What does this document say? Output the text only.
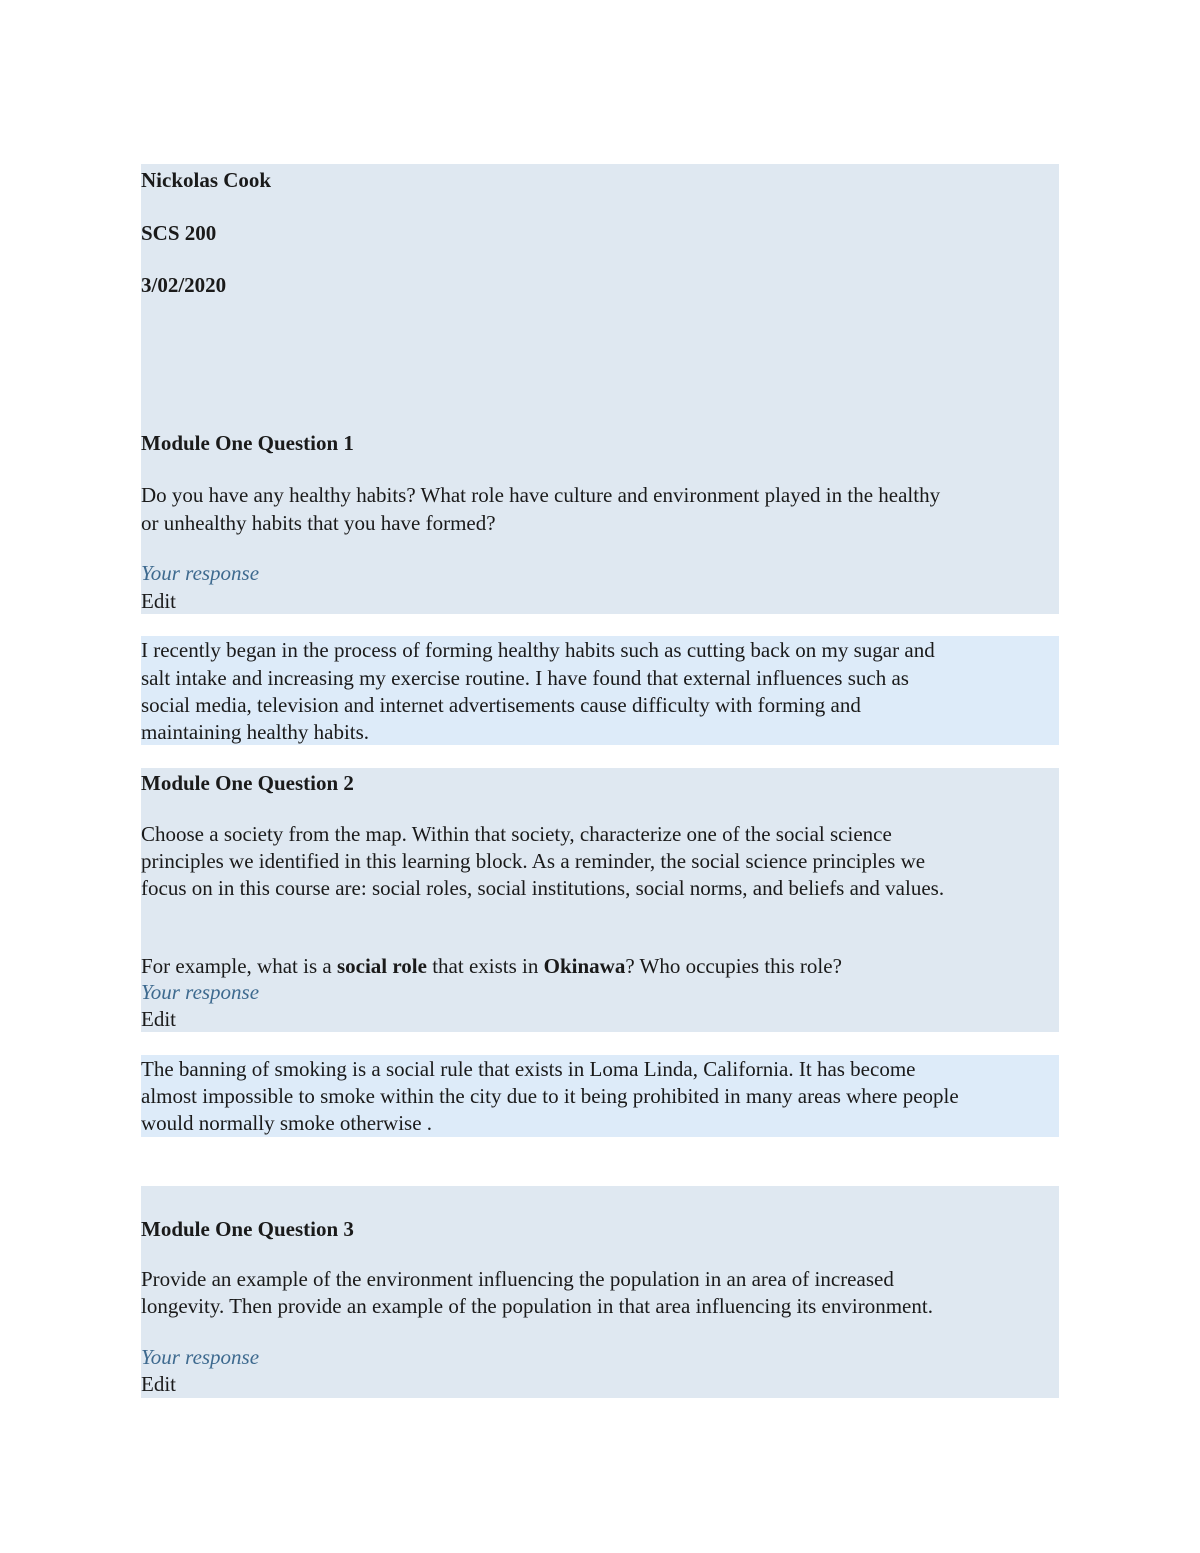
Nickolas Cook
SCS 200
3/02/2020
Module One Question 1
Do you have any healthy habits? What role have culture and environment played in the healthy
or unhealthy habits that you have formed?
Your response
Edit
I recently began in the process of forming healthy habits such as cutting back on my sugar and
salt intake and increasing my exercise routine. I have found that external influences such as
social media, television and internet advertisements cause difficulty with forming and
maintaining healthy habits.
Module One Question 2
Choose a society from the map. Within that society, characterize one of the social science
principles we identified in this learning block. As a reminder, the social science principles we
focus on in this course are: social roles, social institutions, social norms, and beliefs and values.
For example, what is a social role that exists in Okinawa? Who occupies this role?
Your response
Edit
The banning of smoking is a social rule that exists in Loma Linda, California. It has become
almost impossible to smoke within the city due to it being prohibited in many areas where people
would normally smoke otherwise .
Module One Question 3
Provide an example of the environment influencing the population in an area of increased
longevity. Then provide an example of the population in that area influencing its environment.
Your response
Edit
